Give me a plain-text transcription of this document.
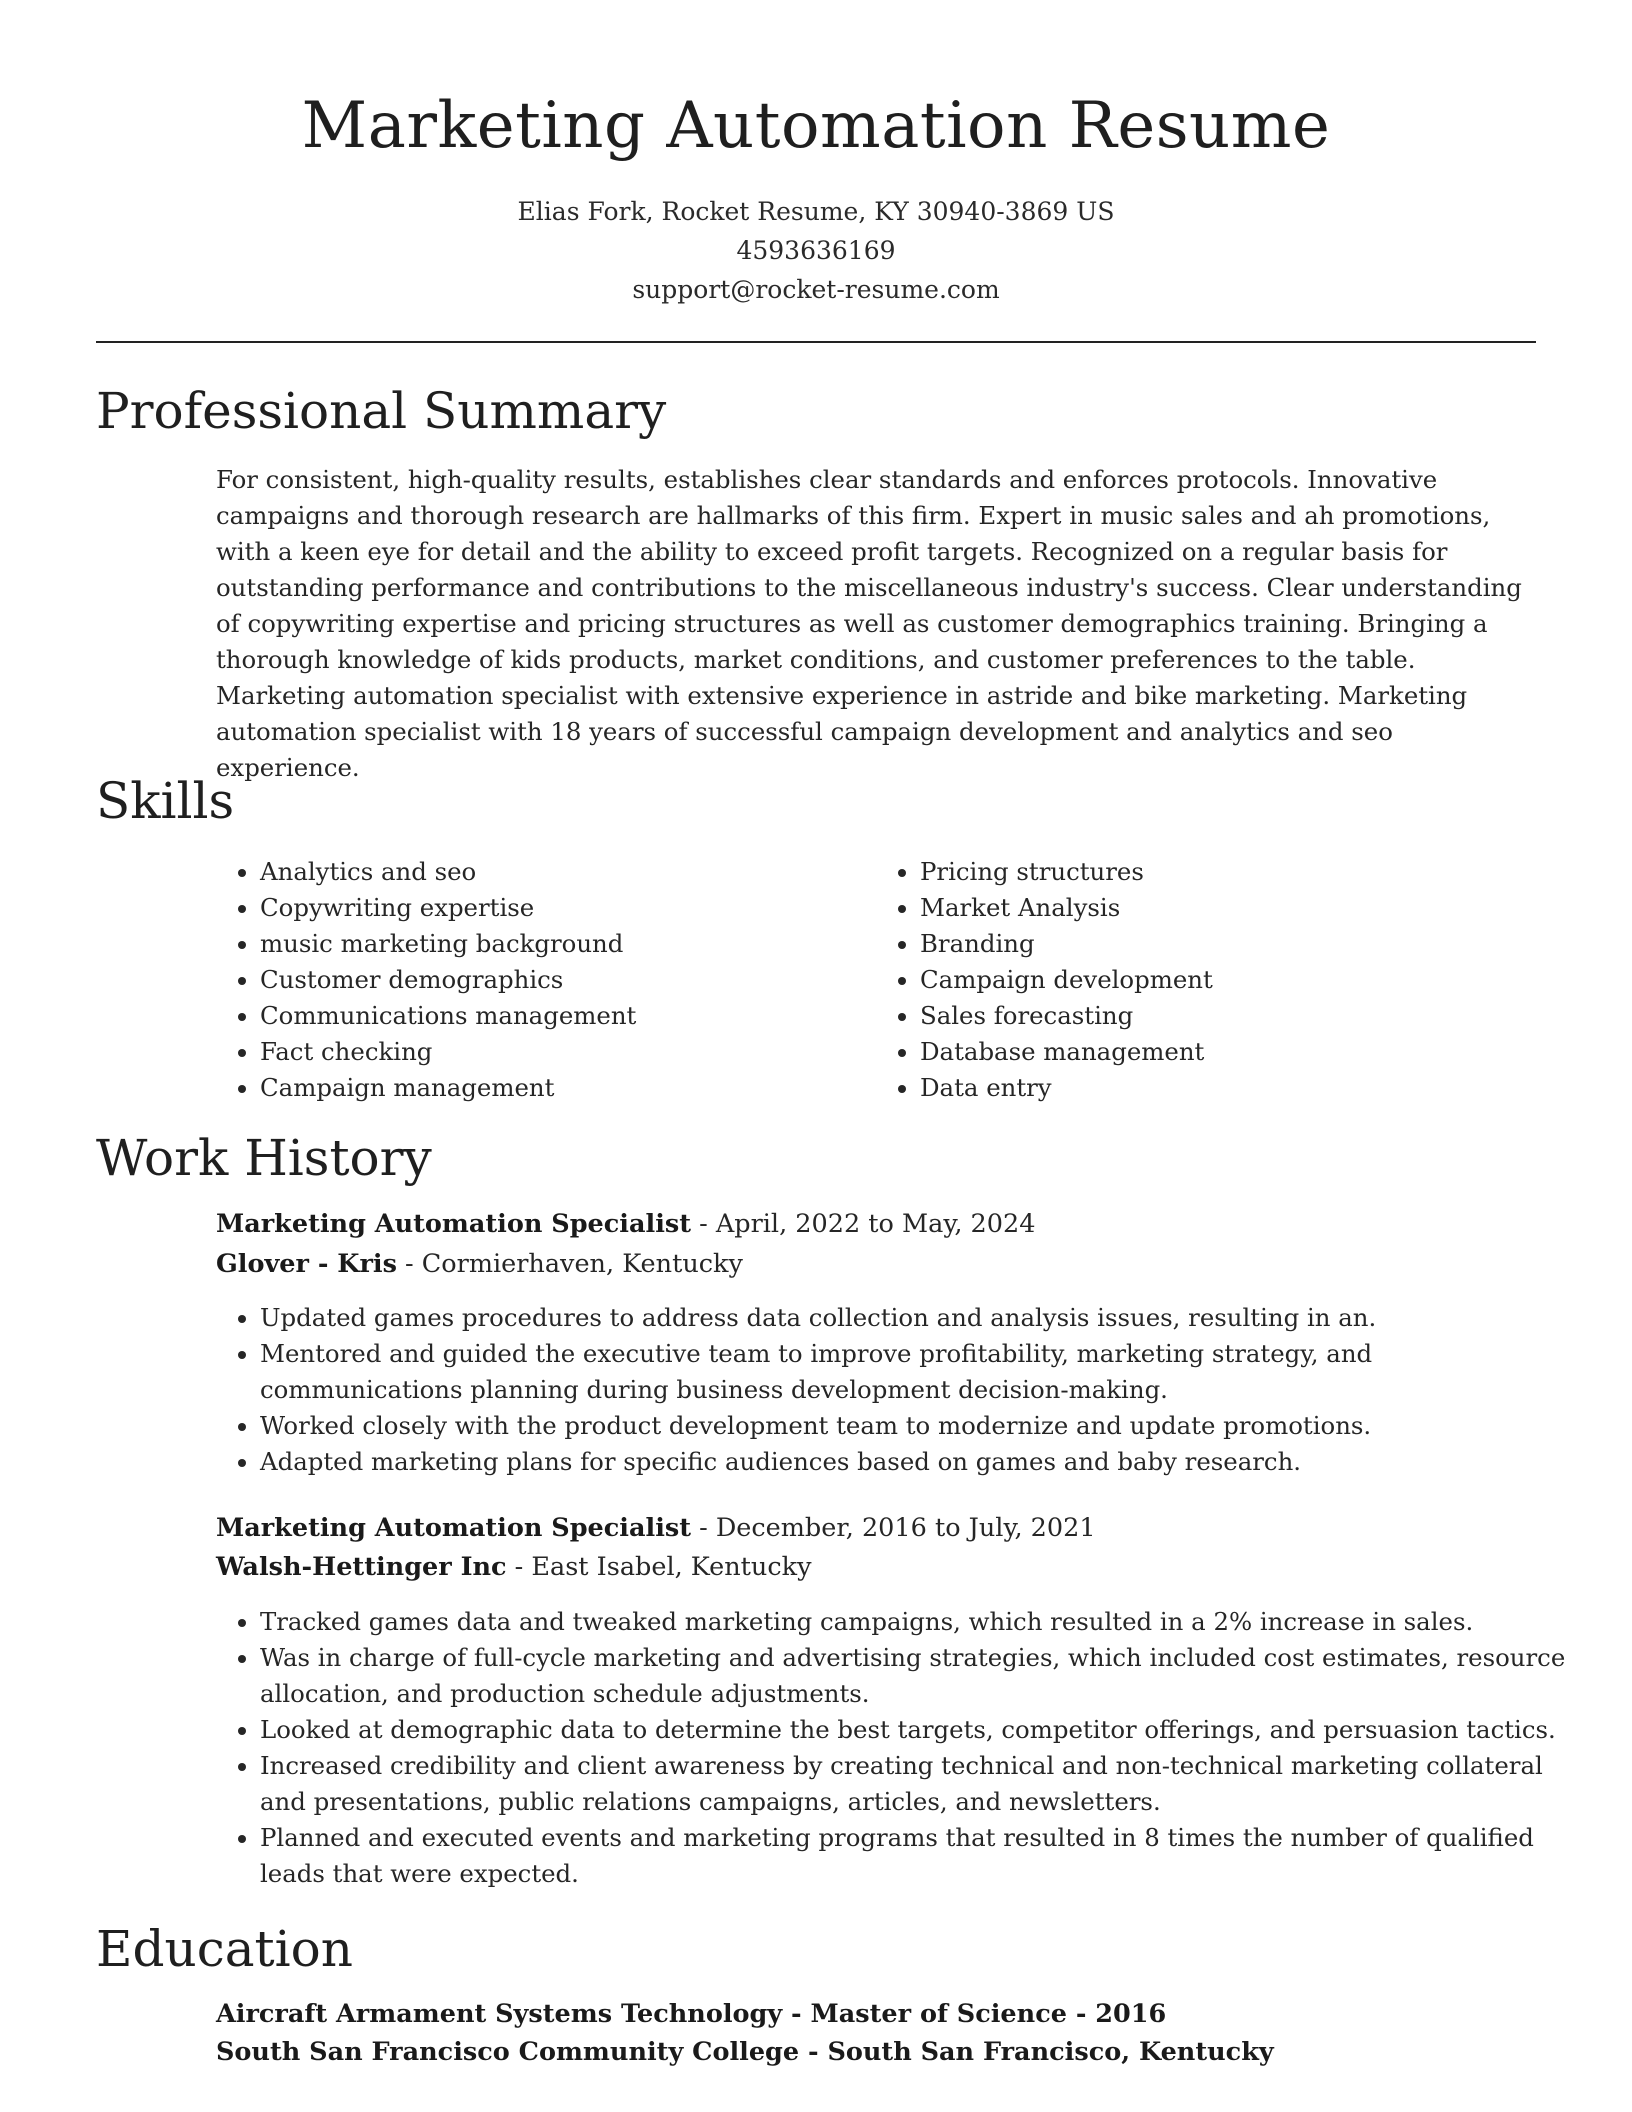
Marketing Automation Resume
Elias Fork, Rocket Resume, KY 30940-3869 US
4593636169
support@rocket-resume.com
Professional Summary

For consistent, high-quality results, establishes clear standards and enforces protocols. Innovative campaigns and thorough research are hallmarks of this firm. Expert in music sales and ah promotions, with a keen eye for detail and the ability to exceed profit targets. Recognized on a regular basis for outstanding performance and contributions to the miscellaneous industry's success. Clear understanding of copywriting expertise and pricing structures as well as customer demographics training. Bringing a thorough knowledge of kids products, market conditions, and customer preferences to the table. Marketing automation specialist with extensive experience in astride and bike marketing. Marketing automation specialist with 18 years of successful campaign development and analytics and seo experience.

Skills
• Analytics and seo
• Copywriting expertise
• music marketing background
• Customer demographics
• Communications management
• Fact checking
• Campaign management
• Pricing structures
• Market Analysis
• Branding
• Campaign development
• Sales forecasting
• Database management
• Data entry
Work History
Marketing Automation Specialist - April, 2022 to May, 2024
Glover - Kris - Cormierhaven, Kentucky
• Updated games procedures to address data collection and analysis issues, resulting in an.
• Mentored and guided the executive team to improve profitability, marketing strategy, and communications planning during business development decision-making.
• Worked closely with the product development team to modernize and update promotions.
• Adapted marketing plans for specific audiences based on games and baby research.
Marketing Automation Specialist - December, 2016 to July, 2021
Walsh-Hettinger Inc - East Isabel, Kentucky
• Tracked games data and tweaked marketing campaigns, which resulted in a 2% increase in sales.
• Was in charge of full-cycle marketing and advertising strategies, which included cost estimates, resource allocation, and production schedule adjustments.
• Looked at demographic data to determine the best targets, competitor offerings, and persuasion tactics.
• Increased credibility and client awareness by creating technical and non-technical marketing collateral and presentations, public relations campaigns, articles, and newsletters.
• Planned and executed events and marketing programs that resulted in 8 times the number of qualified leads that were expected.
Education
Aircraft Armament Systems Technology - Master of Science - 2016
South San Francisco Community College - South San Francisco, Kentucky
